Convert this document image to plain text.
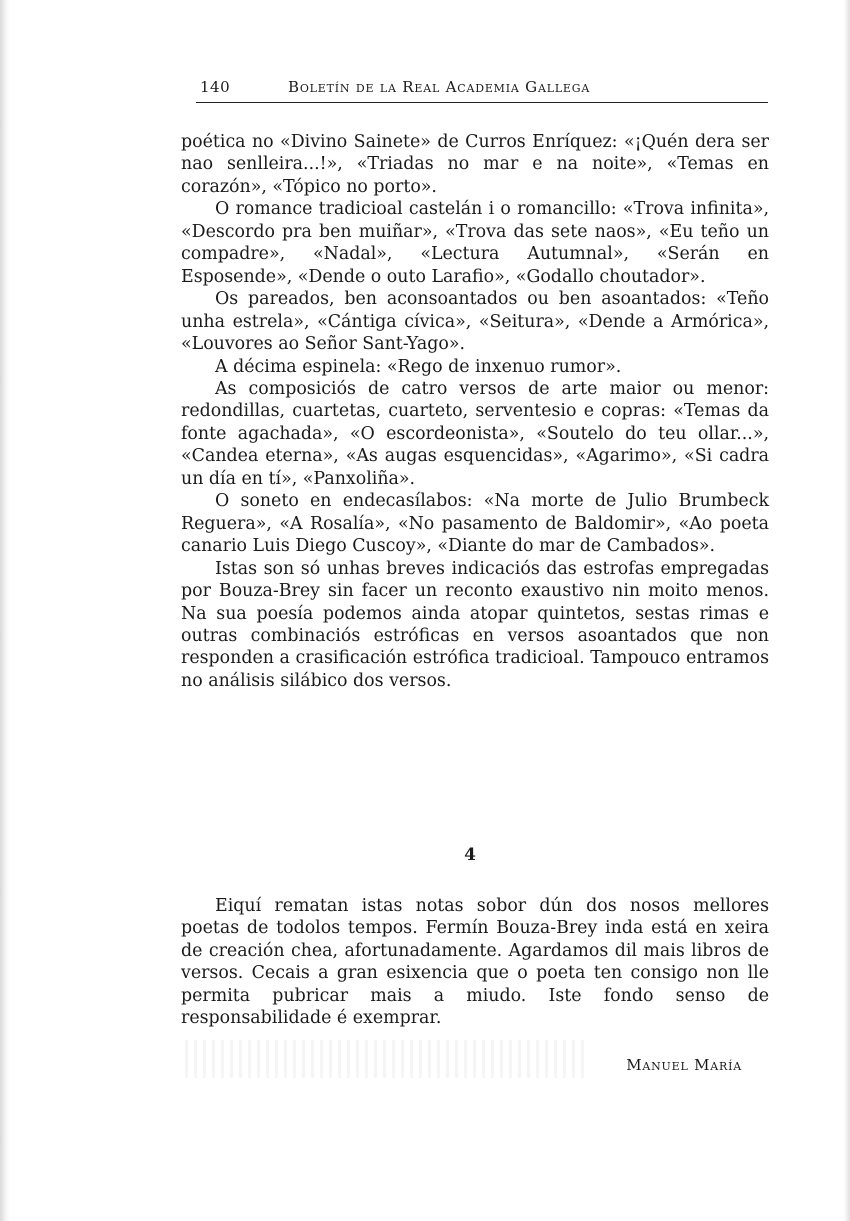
140	Boletín de la Real Academia Gallega

poética no «Divino Sainete» de Curros Enríquez: «¡Quén dera ser nao senlleira...!», «Triadas no mar e na noite», «Temas en corazón», «Tópico no porto».

O romance tradicioal castelán i o romancillo: «Trova infinita», «Descordo pra ben muiñar», «Trova das sete naos», «Eu teño un compadre», «Nadal», «Lectura Autumnal», «Serán en Esposende», «Dende o outo Larafio», «Godallo choutador».

Os pareados, ben aconsoantados ou ben asoantados: «Teño unha estrela», «Cántiga cívica», «Seitura», «Dende a Armórica», «Louvores ao Señor Sant-Yago».

A décima espinela: «Rego de inxenuo rumor».

As composiciós de catro versos de arte maior ou menor: redondillas, cuartetas, cuarteto, serventesio e copras: «Temas da fonte agachada», «O escordeonista», «Soutelo do teu ollar...», «Candea eterna», «As augas esquencidas», «Agarimo», «Si cadra un día en tí», «Panxoliña».

O soneto en endecasílabos: «Na morte de Julio Brumbeck Reguera», «A Rosalía», «No pasamento de Baldomir», «Ao poeta canario Luis Diego Cuscoy», «Diante do mar de Cambados».

Istas son só unhas breves indicaciós das estrofas empregadas por Bouza-Brey sin facer un reconto exaustivo nin moito menos. Na sua poesía podemos ainda atopar quintetos, sestas rimas e outras combinaciós estróficas en versos asoantados que non responden a crasificación estrófica tradicioal. Tampouco entramos no análisis silábico dos versos.

4

Eiquí rematan istas notas sobor dún dos nosos mellores poetas de todolos tempos. Fermín Bouza-Brey inda está en xeira de creación chea, afortunadamente. Agardamos dil mais libros de versos. Cecais a gran esixencia que o poeta ten consigo non lle permita pubricar mais a miudo. Iste fondo senso de responsabilidade é exemprar.

Manuel María
